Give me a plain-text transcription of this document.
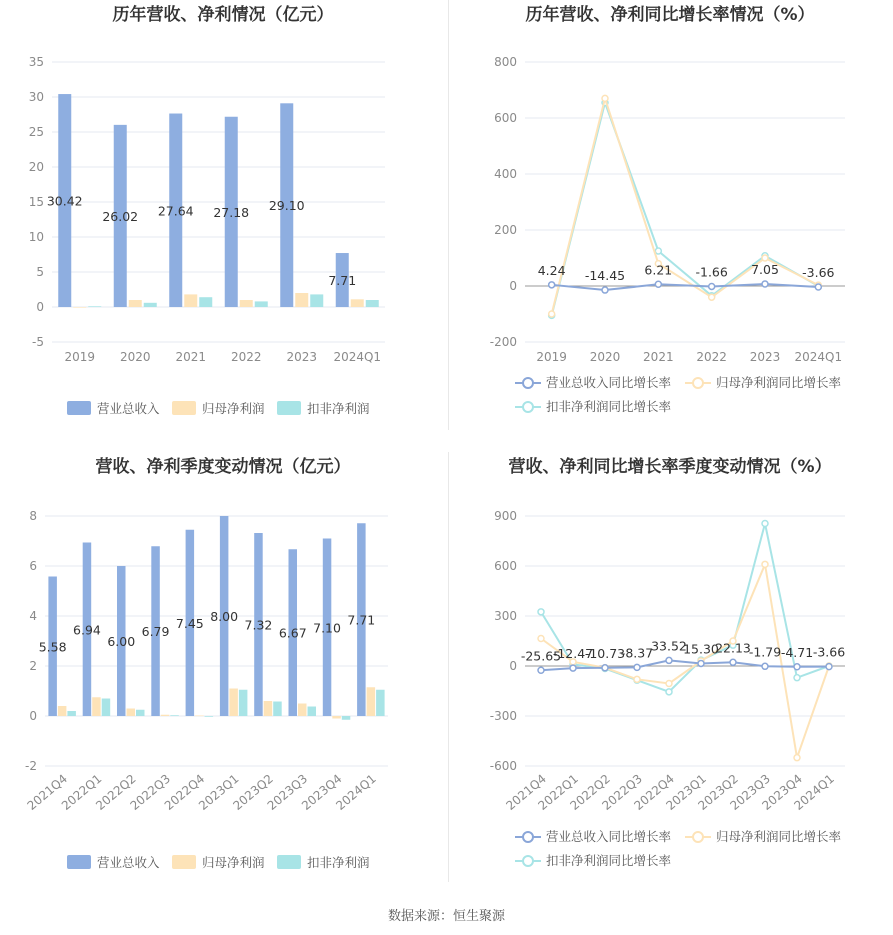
历年营收、净利情况（亿元）
-5
0
5
10
15
20
25
30
35
2019 2020 2021 2022 2023 2024Q1
30.42
26.02 27.64 27.18 29.10
7.71
营业总收入	归母净利润	扣非净利润
历年营收、净利同比增长率情况（%）
-200
0
200
400
600
800
2019 2020 2021 2022 2023 2024Q1
4.24 -14.45 6.21 -1.66 7.05 -3.66
营业总收入同比增长率	归母净利润同比增长率
扣非净利润同比增长率
营收、净利季度变动情况（亿元）
-2
0
2
4
6
8
2021Q4
2022Q1
2022Q2
2022Q3
2022Q4
2023Q1
2023Q2
2023Q3
2023Q4
2024Q1
5.58
6.94
6.00
6.79
7.45 8.00
7.32
6.67 7.10
7.71
营业总收入	归母净利润	扣非净利润
营收、净利同比增长率季度变动情况（%）
-600
-300
0
300
600
900
2021Q4
2022Q1
2022Q2
2022Q3
2022Q4
2023Q1
2023Q2
2023Q3
2023Q4
2024Q1
-25.65
-12.47
-10.73
-8.37
33.52
15.30
22.13
-1.79 -4.71 -3.66
营业总收入同比增长率	归母净利润同比增长率
扣非净利润同比增长率
数据来源：恒生聚源
